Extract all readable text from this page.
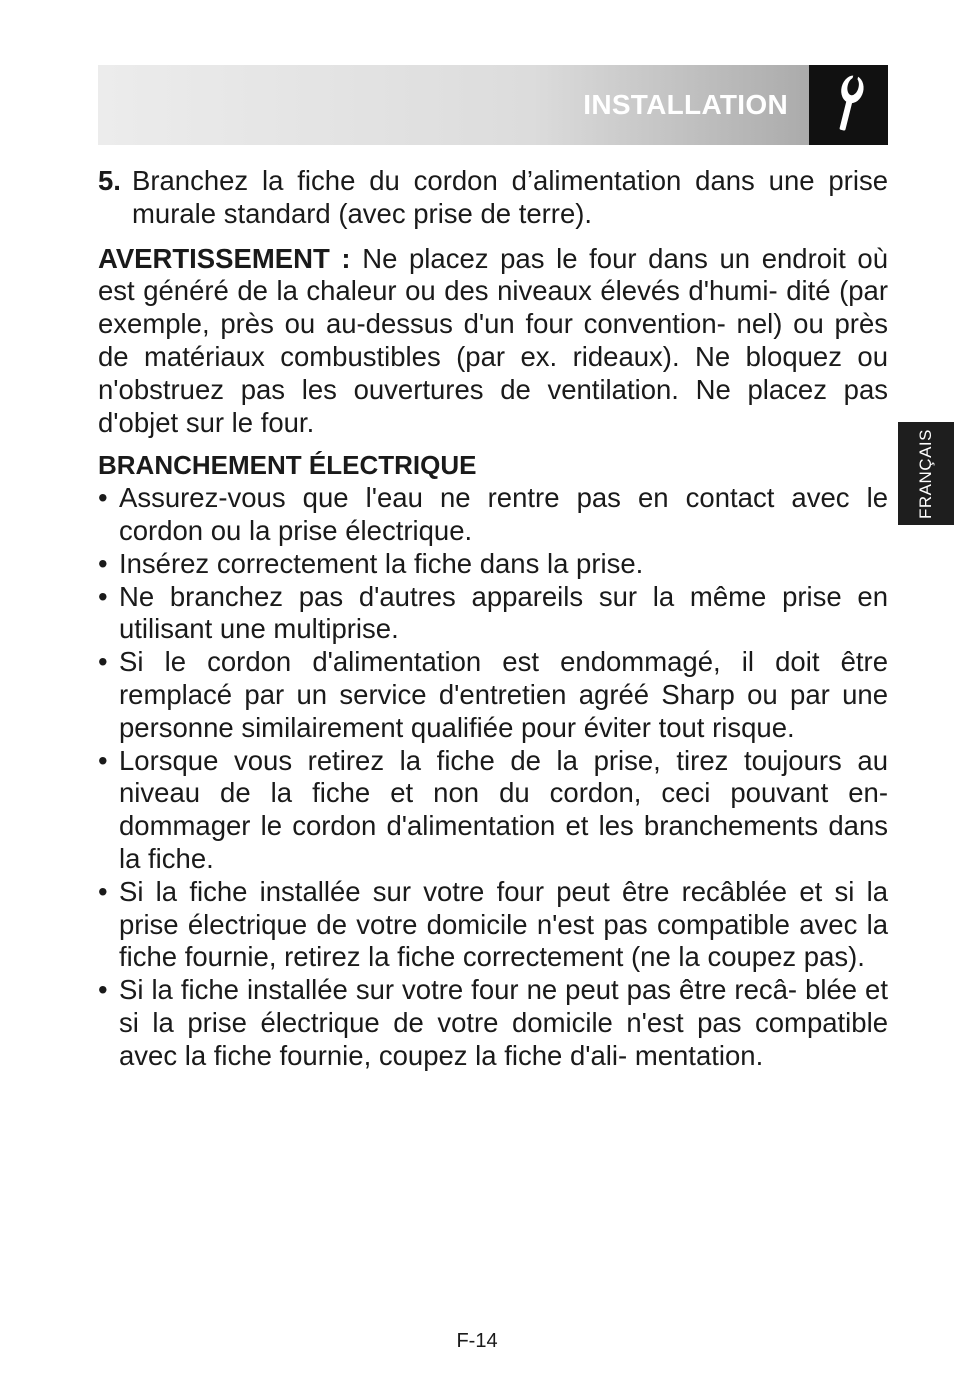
INSTALLATION
FRANÇAIS
5. Branchez la fiche du cordon d’alimentation dans une prise murale standard (avec prise de terre).
AVERTISSEMENT : Ne placez pas le four dans un endroit où est généré de la chaleur ou des niveaux élevés d'humi- dité (par exemple, près ou au-dessus d'un four convention- nel) ou près de matériaux combustibles (par ex. rideaux). Ne bloquez ou n'obstruez pas les ouvertures de ventilation. Ne placez pas d'objet sur le four.
BRANCHEMENT ÉLECTRIQUE
• Assurez-vous que l'eau ne rentre pas en contact avec le cordon ou la prise électrique.
• Insérez correctement la fiche dans la prise.
• Ne branchez pas d'autres appareils sur la même prise en utilisant une multiprise.
• Si le cordon d'alimentation est endommagé, il doit être remplacé par un service d'entretien agréé Sharp ou par une personne similairement qualifiée pour éviter tout risque.
• Lorsque vous retirez la fiche de la prise, tirez toujours au niveau de la fiche et non du cordon, ceci pouvant en- dommager le cordon d'alimentation et les branchements dans la fiche.
• Si la fiche installée sur votre four peut être recâblée et si la prise électrique de votre domicile n'est pas compatible avec la fiche fournie, retirez la fiche correctement (ne la coupez pas).
• Si la fiche installée sur votre four ne peut pas être recâ- blée et si la prise électrique de votre domicile n'est pas compatible avec la fiche fournie, coupez la fiche d'ali- mentation.
F-14
